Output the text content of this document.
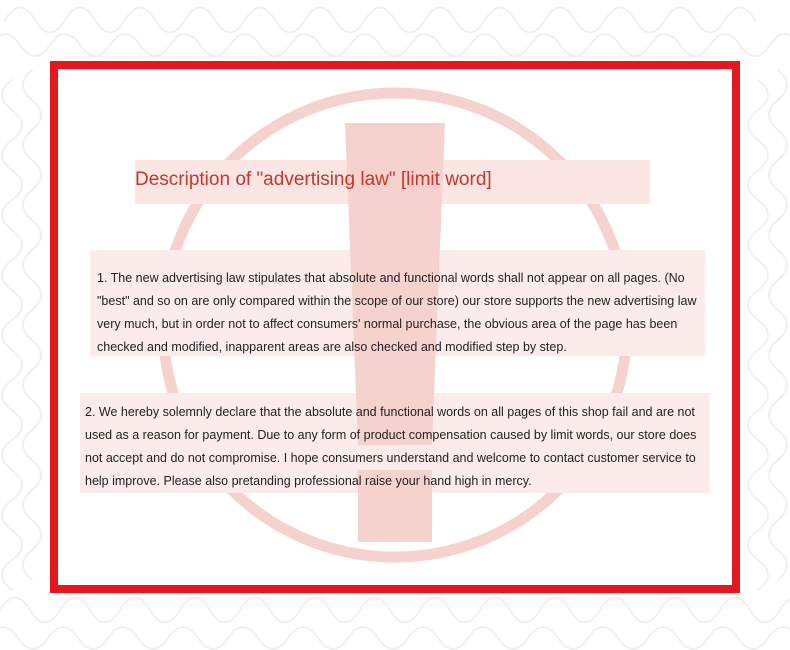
Description of "advertising law" [limit word]

1. The new advertising law stipulates that absolute and functional words shall not appear on all pages. (No "best" and so on are only compared within the scope of our store) our store supports the new advertising law very much, but in order not to affect consumers' normal purchase, the obvious area of the page has been checked and modified, inapparent areas are also checked and modified step by step.

2. We hereby solemnly declare that the absolute and functional words on all pages of this shop fail and are not used as a reason for payment. Due to any form of product compensation caused by limit words, our store does not accept and do not compromise. I hope consumers understand and welcome to contact customer service to help improve. Please also pretanding professional raise your hand high in mercy.
